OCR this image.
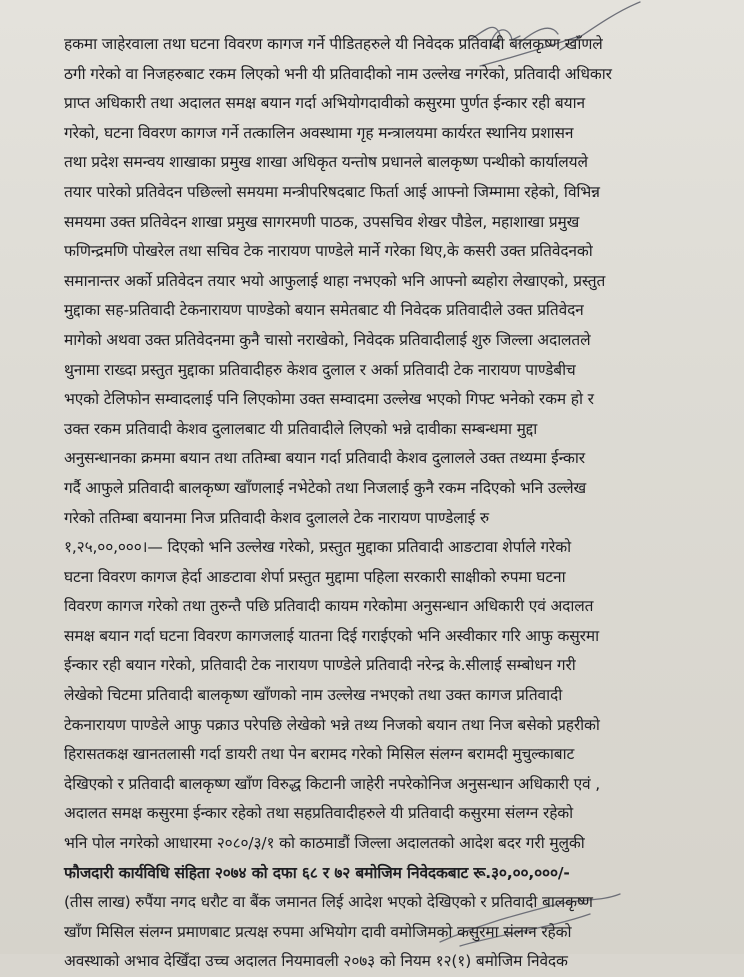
हकमा जाहेरवाला तथा घटना विवरण कागज गर्ने पीडितहरुले यी निवेदक प्रतिवादी बालकृष्ण खाँणले
ठगी गरेको वा निजहरुबाट रकम लिएको भनी यी प्रतिवादीको नाम उल्लेख नगरेको, प्रतिवादी अधिकार
प्राप्त अधिकारी तथा अदालत समक्ष बयान गर्दा अभियोगदावीको कसुरमा पुर्णत ईन्कार रही बयान
गरेको, घटना विवरण कागज गर्ने तत्कालिन अवस्थामा गृह मन्त्रालयमा कार्यरत स्थानिय प्रशासन
तथा प्रदेश समन्वय शाखाका प्रमुख शाखा अधिकृत यन्तोष प्रधानले बालकृष्ण पन्थीको कार्यालयले
तयार पारेको प्रतिवेदन पछिल्लो समयमा मन्त्रीपरिषदबाट फिर्ता आई आफ्नो जिम्मामा रहेको, विभिन्न
समयमा उक्त प्रतिवेदन शाखा प्रमुख सागरमणी पाठक, उपसचिव शेखर पौडेल, महाशाखा प्रमुख
फणिन्द्रमणि पोखरेल तथा सचिव टेक नारायण पाण्डेले मार्ने गरेका थिए,के कसरी उक्त प्रतिवेदनको
समानान्तर अर्को प्रतिवेदन तयार भयो आफुलाई थाहा नभएको भनि आफ्नो ब्यहोरा लेखाएको, प्रस्तुत
मुद्दाका सह-प्रतिवादी टेकनारायण पाण्डेको बयान समेतबाट यी निवेदक प्रतिवादीले उक्त प्रतिवेदन
मागेको अथवा उक्त प्रतिवेदनमा कुनै चासो नराखेको, निवेदक प्रतिवादीलाई शुरु जिल्ला अदालतले
थुनामा राख्दा प्रस्तुत मुद्दाका प्रतिवादीहरु केशव दुलाल र अर्का प्रतिवादी टेक नारायण पाण्डेबीच
भएको टेलिफोन सम्वादलाई पनि लिएकोमा उक्त सम्वादमा उल्लेख भएको गिफ्ट भनेको रकम हो र
उक्त रकम प्रतिवादी केशव दुलालबाट यी प्रतिवादीले लिएको भन्ने दावीका सम्बन्धमा मुद्दा
अनुसन्धानका क्रममा बयान तथा ततिम्बा बयान गर्दा प्रतिवादी केशव दुलालले उक्त तथ्यमा ईन्कार
गर्दै आफुले प्रतिवादी बालकृष्ण खाँणलाई नभेटेको तथा निजलाई कुनै रकम नदिएको भनि उल्लेख
गरेको ततिम्बा बयानमा निज प्रतिवादी केशव दुलालले टेक नारायण पाण्डेलाई रु
१,२५,००,०००।— दिएको भनि उल्लेख गरेको, प्रस्तुत मुद्दाका प्रतिवादी आङटावा शेर्पाले गरेको
घटना विवरण कागज हेर्दा आङटावा शेर्पा प्रस्तुत मुद्दामा पहिला सरकारी साक्षीको रुपमा घटना
विवरण कागज गरेको तथा तुरुन्तै पछि प्रतिवादी कायम गरेकोमा अनुसन्धान अधिकारी एवं अदालत
समक्ष बयान गर्दा घटना विवरण कागजलाई यातना दिई गराईएको भनि अस्वीकार गरि आफु कसुरमा
ईन्कार रही बयान गरेको, प्रतिवादी टेक नारायण पाण्डेले प्रतिवादी नरेन्द्र के.सीलाई सम्बोधन गरी
लेखेको चिटमा प्रतिवादी बालकृष्ण खाँणको नाम उल्लेख नभएको तथा उक्त कागज प्रतिवादी
टेकनारायण पाण्डेले आफु पक्राउ परेपछि लेखेको भन्ने तथ्य निजको बयान तथा निज बसेको प्रहरीको
हिरासतकक्ष खानतलासी गर्दा डायरी तथा पेन बरामद गरेको मिसिल संलग्न बरामदी मुचुल्काबाट
देखिएको र प्रतिवादी बालकृष्ण खाँण विरुद्ध किटानी जाहेरी नपरेकोनिज अनुसन्धान अधिकारी एवं ,
अदालत समक्ष कसुरमा ईन्कार रहेको तथा सहप्रतिवादीहरुले यी प्रतिवादी कसुरमा संलग्न रहेको
भनि पोल नगरेको आधारमा २०८०/३/१ को काठमाडौं जिल्ला अदालतको आदेश बदर गरी मुलुकी
फौजदारी कार्यविधि संहिता २०७४ को दफा ६८ र ७२ बमोजिम निवेदकबाट रू.३०,००,०००/-
(तीस लाख) रुपैंया नगद धरौट वा बैंक जमानत लिई आदेश भएको देखिएको र प्रतिवादी बालकृष्ण
खाँण मिसिल संलग्न प्रमाणबाट प्रत्यक्ष रुपमा अभियोग दावी वमोजिमको कसुरमा संलग्न रहेको
अवस्थाको अभाव देखिँदा उच्च अदालत नियमावली २०७३ को नियम १२(१) बमोजिम निवेदक
